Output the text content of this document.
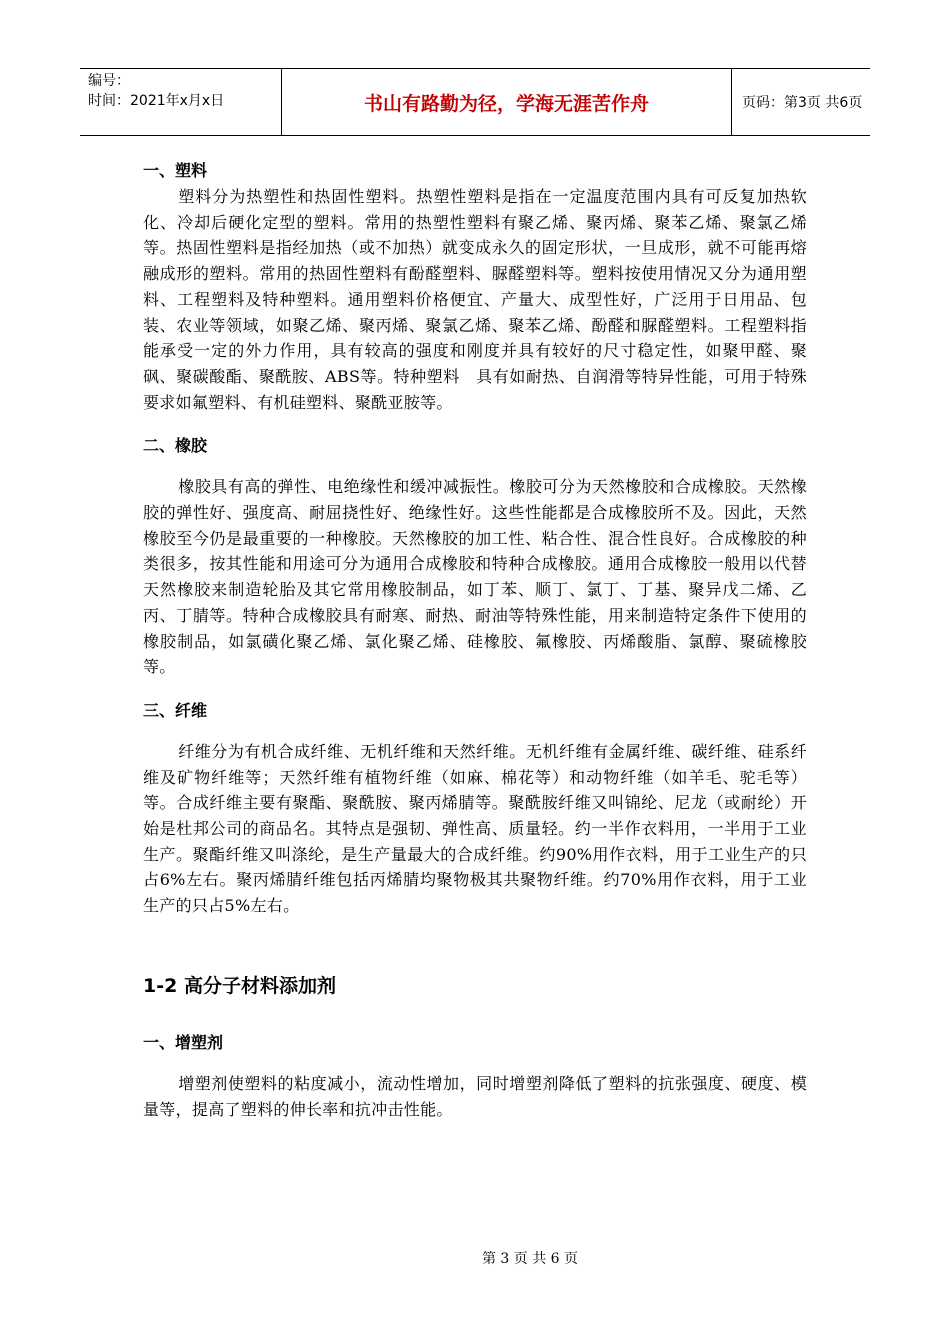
编号：
时间：2021年x月x日	书山有路勤为径，学海无涯苦作舟	页码：第3页 共6页
一、塑料

塑料分为热塑性和热固性塑料。热塑性塑料是指在一定温度范围内具有可反复加热软化、冷却后硬化定型的塑料。常用的热塑性塑料有聚乙烯、聚丙烯、聚苯乙烯、聚氯乙烯等。热固性塑料是指经加热（或不加热）就变成永久的固定形状，一旦成形，就不可能再熔融成形的塑料。常用的热固性塑料有酚醛塑料、脲醛塑料等。塑料按使用情况又分为通用塑料、工程塑料及特种塑料。通用塑料价格便宜、产量大、成型性好，广泛用于日用品、包装、农业等领域，如聚乙烯、聚丙烯、聚氯乙烯、聚苯乙烯、酚醛和脲醛塑料。工程塑料指能承受一定的外力作用，具有较高的强度和刚度并具有较好的尺寸稳定性，如聚甲醛、聚砜、聚碳酸酯、聚酰胺、ABS等。特种塑料　具有如耐热、自润滑等特异性能，可用于特殊要求如氟塑料、有机硅塑料、聚酰亚胺等。

二、橡胶

橡胶具有高的弹性、电绝缘性和缓冲减振性。橡胶可分为天然橡胶和合成橡胶。天然橡胶的弹性好、强度高、耐屈挠性好、绝缘性好。这些性能都是合成橡胶所不及。因此，天然橡胶至今仍是最重要的一种橡胶。天然橡胶的加工性、粘合性、混合性良好。合成橡胶的种类很多，按其性能和用途可分为通用合成橡胶和特种合成橡胶。通用合成橡胶一般用以代替天然橡胶来制造轮胎及其它常用橡胶制品，如丁苯、顺丁、氯丁、丁基、聚异戊二烯、乙丙、丁腈等。特种合成橡胶具有耐寒、耐热、耐油等特殊性能，用来制造特定条件下使用的橡胶制品，如氯磺化聚乙烯、氯化聚乙烯、硅橡胶、氟橡胶、丙烯酸脂、氯醇、聚硫橡胶等。

三、纤维

纤维分为有机合成纤维、无机纤维和天然纤维。无机纤维有金属纤维、碳纤维、硅系纤维及矿物纤维等；天然纤维有植物纤维（如麻、棉花等）和动物纤维（如羊毛、驼毛等）等。合成纤维主要有聚酯、聚酰胺、聚丙烯腈等。聚酰胺纤维又叫锦纶、尼龙（或耐纶）开始是杜邦公司的商品名。其特点是强韧、弹性高、质量轻。约一半作衣料用，一半用于工业生产。聚酯纤维又叫涤纶，是生产量最大的合成纤维。约90%用作衣料，用于工业生产的只占6%左右。聚丙烯腈纤维包括丙烯腈均聚物极其共聚物纤维。约70%用作衣料，用于工业生产的只占5%左右。

1-2 高分子材料添加剂
一、增塑剂

增塑剂使塑料的粘度减小，流动性增加，同时增塑剂降低了塑料的抗张强度、硬度、模量等，提高了塑料的伸长率和抗冲击性能。

第 3 页 共 6 页
